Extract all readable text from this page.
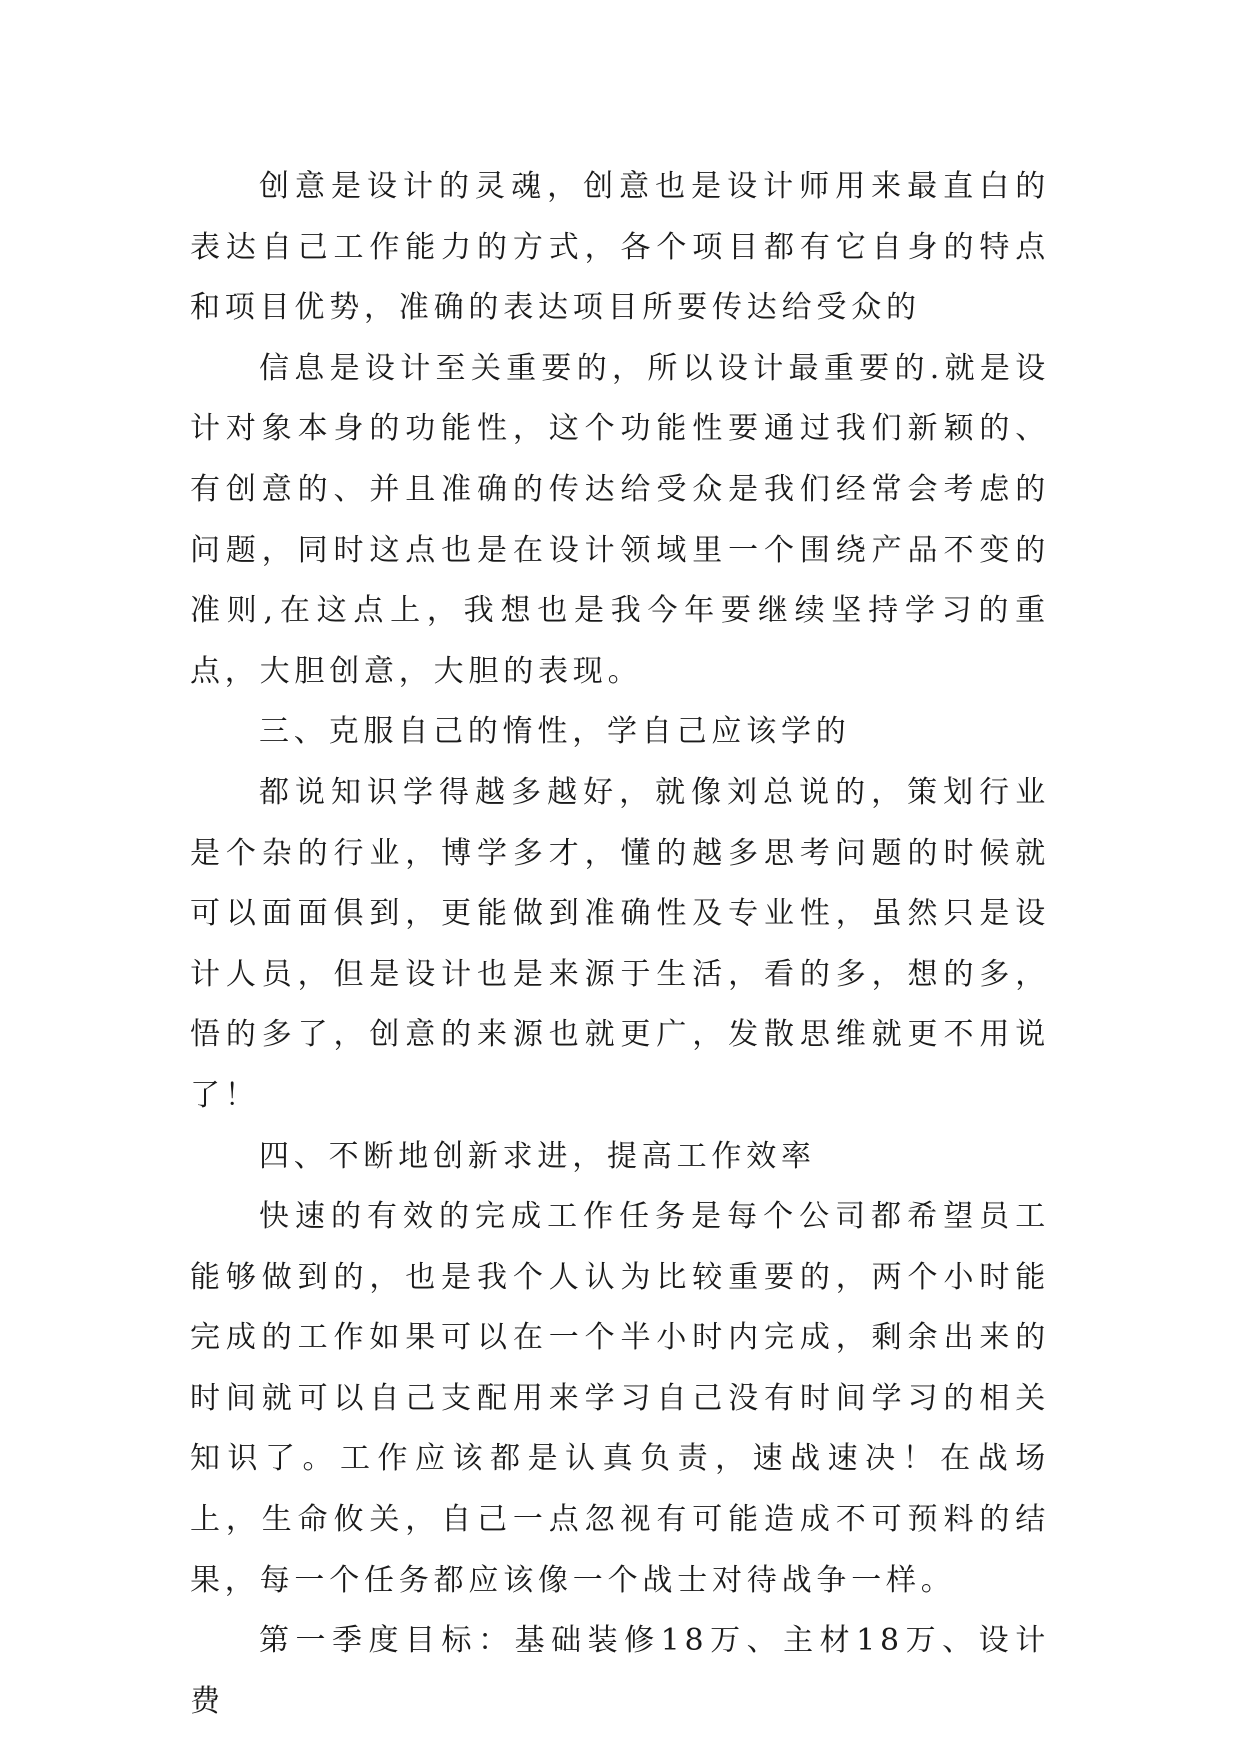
创意是设计的灵魂，创意也是设计师用来最直白的表达自己工作能力的方式，各个项目都有它自身的特点和项目优势，准确的表达项目所要传达给受众的

信息是设计至关重要的，所以设计最重要的.就是设计对象本身的功能性，这个功能性要通过我们新颖的、有创意的、并且准确的传达给受众是我们经常会考虑的问题，同时这点也是在设计领域里一个围绕产品不变的准则,在这点上，我想也是我今年要继续坚持学习的重点，大胆创意，大胆的表现。

三、克服自己的惰性，学自己应该学的

都说知识学得越多越好，就像刘总说的，策划行业是个杂的行业，博学多才，懂的越多思考问题的时候就可以面面俱到，更能做到准确性及专业性，虽然只是设计人员，但是设计也是来源于生活，看的多，想的多，悟的多了，创意的来源也就更广，发散思维就更不用说了！

四、不断地创新求进，提高工作效率

快速的有效的完成工作任务是每个公司都希望员工能够做到的，也是我个人认为比较重要的，两个小时能完成的工作如果可以在一个半小时内完成，剩余出来的时间就可以自己支配用来学习自己没有时间学习的相关知识了。工作应该都是认真负责，速战速决！在战场上，生命攸关，自己一点忽视有可能造成不可预料的结果，每一个任务都应该像一个战士对待战争一样。

第一季度目标：基础装修18万、主材18万、设计费
